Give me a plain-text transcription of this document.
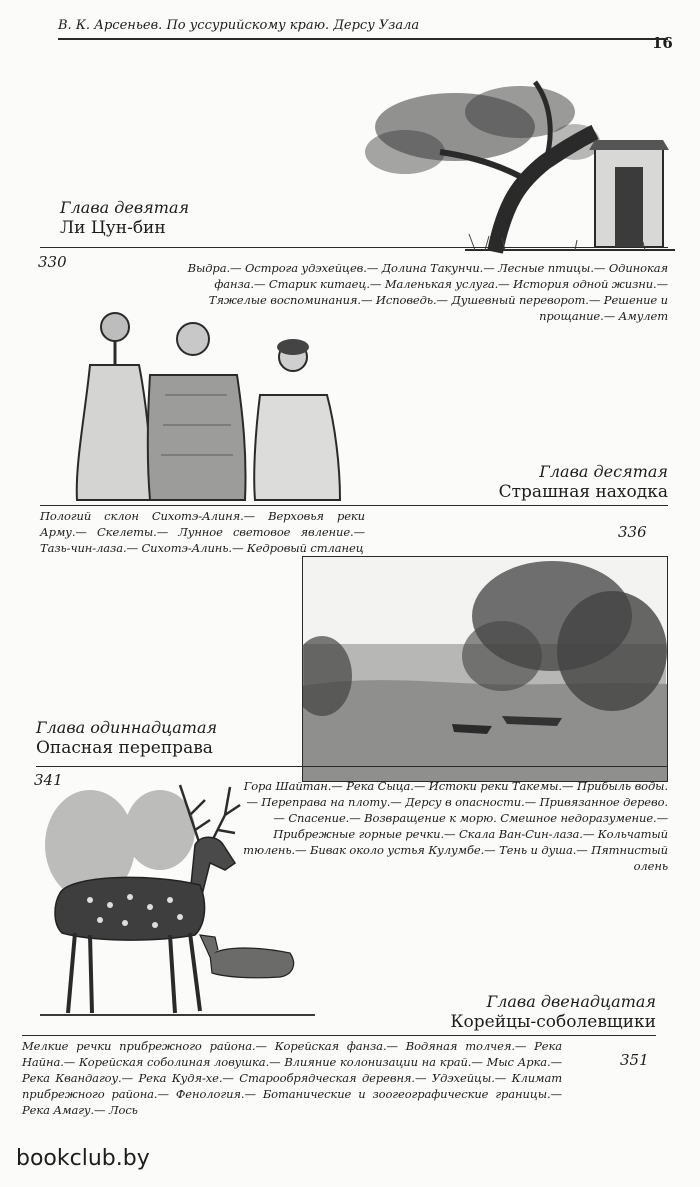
В. К. Арсеньев. По уссурийскому краю. Дерсу Узала
16
Глава девятая
Ли Цун-бин
330	Выдра.— Острога удэхейцев.— Долина Такунчи.— Лесные птицы.— Одинокая фанза.— Старик китаец.— Маленькая услуга.— История одной жизни.— Тяжелые воспоминания.— Исповедь.— Душевный переворот.— Решение и прощание.— Амулет
Глава десятая
Страшная находка
Пологий склон Сихотэ-Алиня.— Верховья реки Арму.— Скелеты.— Лунное световое явление.— Тазь-чин-лаза.— Сихотэ-Алинь.— Кедровый стланец
336
Глава одиннадцатая
Опасная переправа
341	Гора Шайтан.— Река Сыца.— Истоки реки Такемы.— Прибыль воды.— Переправа на плоту.— Дерсу в опасности.— Привязанное дерево.— Спасение.— Возвращение к морю. Смешное недоразумение.— Прибрежные горные речки.— Скала Ван-Син-лаза.— Кольчатый тюлень.— Бивак около устья Кулумбе.— Тень и душа.— Пятнистый олень
Глава двенадцатая
Корейцы-соболевщики
Мелкие речки прибрежного района.— Корейская фанза.— Водяная толчея.— Река Найна.— Корейская соболиная ловушка.— Влияние колонизации на край.— Мыс Арка.— Река Квандагоу.— Река Кудя-хе.— Старообрядческая деревня.— Удэхейцы.— Климат прибрежного района.— Фенология.— Ботанические и зоогеографические границы.— Река Амагу.— Лось
351
bookclub.by
